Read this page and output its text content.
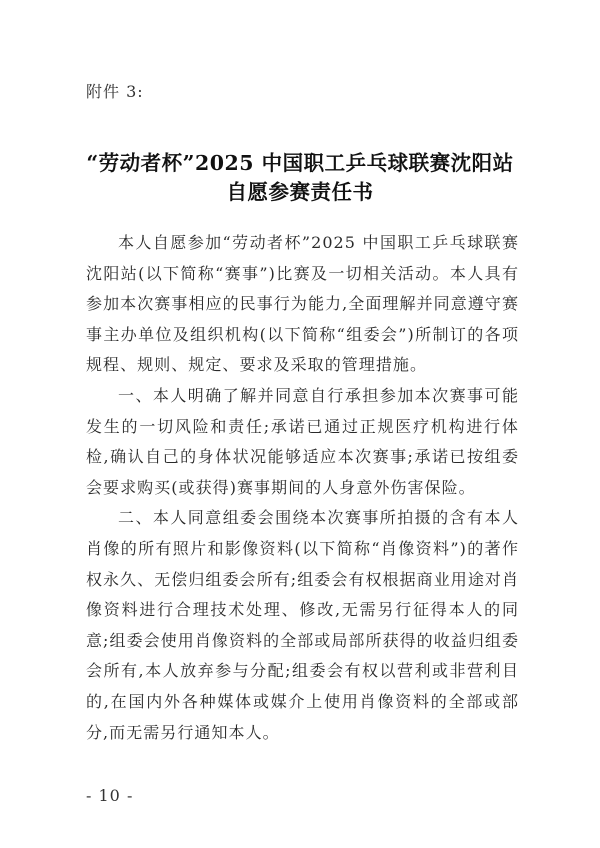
附件 3:
“劳动者杯”2025 中国职工乒乓球联赛沈阳站
自愿参赛责任书

本人自愿参加“劳动者杯”2025 中国职工乒乓球联赛沈阳站(以下简称“赛事”)比赛及一切相关活动。本人具有参加本次赛事相应的民事行为能力,全面理解并同意遵守赛事主办单位及组织机构(以下简称“组委会”)所制订的各项规程、规则、规定、要求及采取的管理措施。

一、本人明确了解并同意自行承担参加本次赛事可能发生的一切风险和责任;承诺已通过正规医疗机构进行体检,确认自己的身体状况能够适应本次赛事;承诺已按组委会要求购买(或获得)赛事期间的人身意外伤害保险。

二、本人同意组委会围绕本次赛事所拍摄的含有本人肖像的所有照片和影像资料(以下简称“肖像资料”)的著作权永久、无偿归组委会所有;组委会有权根据商业用途对肖像资料进行合理技术处理、修改,无需另行征得本人的同意;组委会使用肖像资料的全部或局部所获得的收益归组委会所有,本人放弃参与分配;组委会有权以营利或非营利目的,在国内外各种媒体或媒介上使用肖像资料的全部或部分,而无需另行通知本人。

- 10 -
